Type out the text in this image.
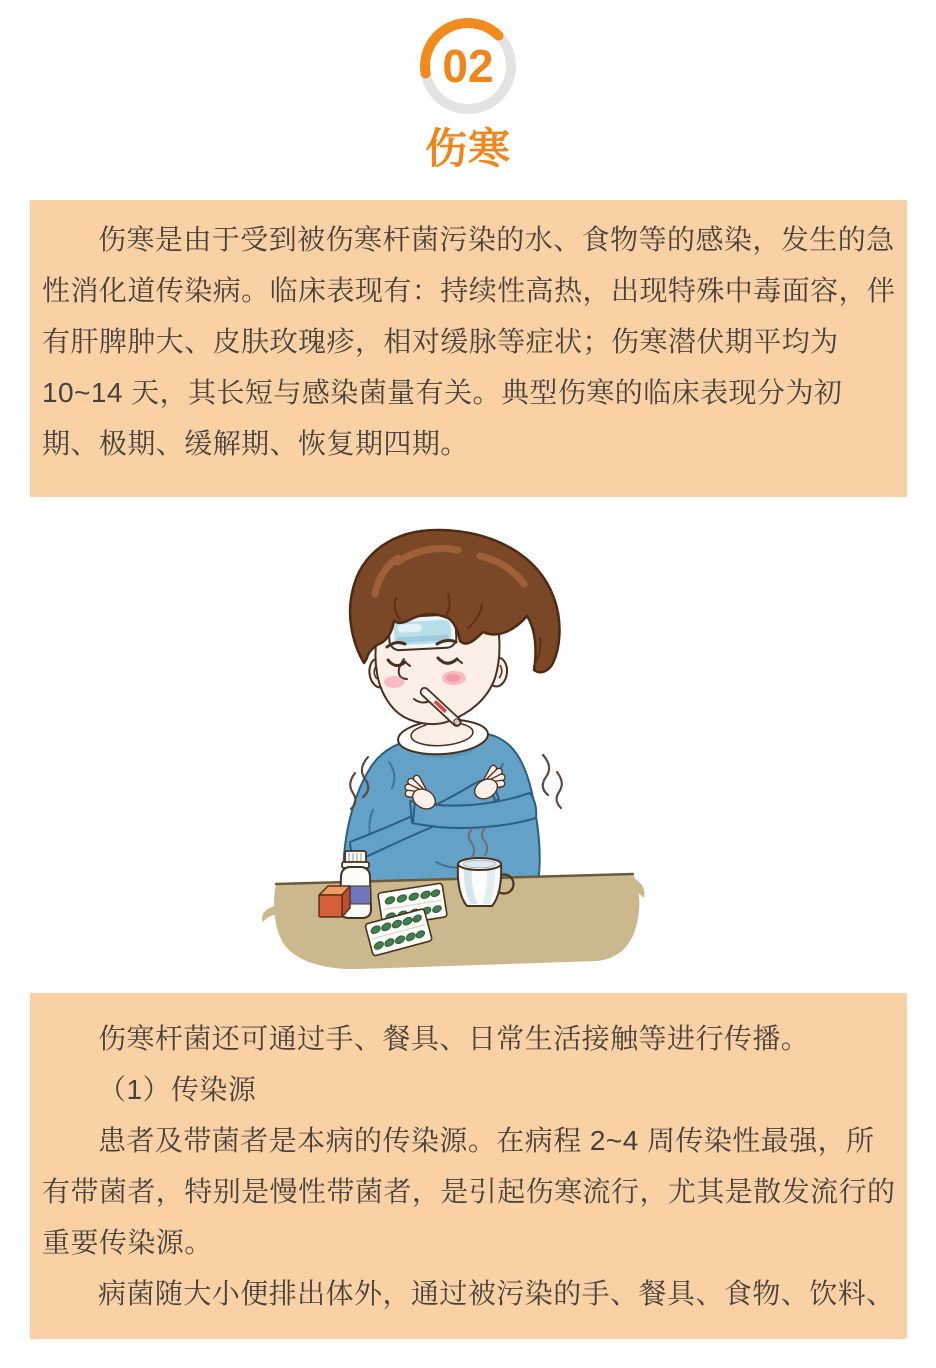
02
伤寒

伤寒是由于受到被伤寒杆菌污染的水、食物等的感染，发生的急性消化道传染病。临床表现有：持续性高热，出现特殊中毒面容，伴有肝脾肿大、皮肤玫瑰疹，相对缓脉等症状；伤寒潜伏期平均为10~14 天，其长短与感染菌量有关。典型伤寒的临床表现分为初期、极期、缓解期、恢复期四期。

伤寒杆菌还可通过手、餐具、日常生活接触等进行传播。

（1）传染源

患者及带菌者是本病的传染源。在病程 2~4 周传染性最强，所有带菌者，特别是慢性带菌者，是引起伤寒流行，尤其是散发流行的重要传染源。

病菌随大小便排出体外，通过被污染的手、餐具、食物、饮料、
